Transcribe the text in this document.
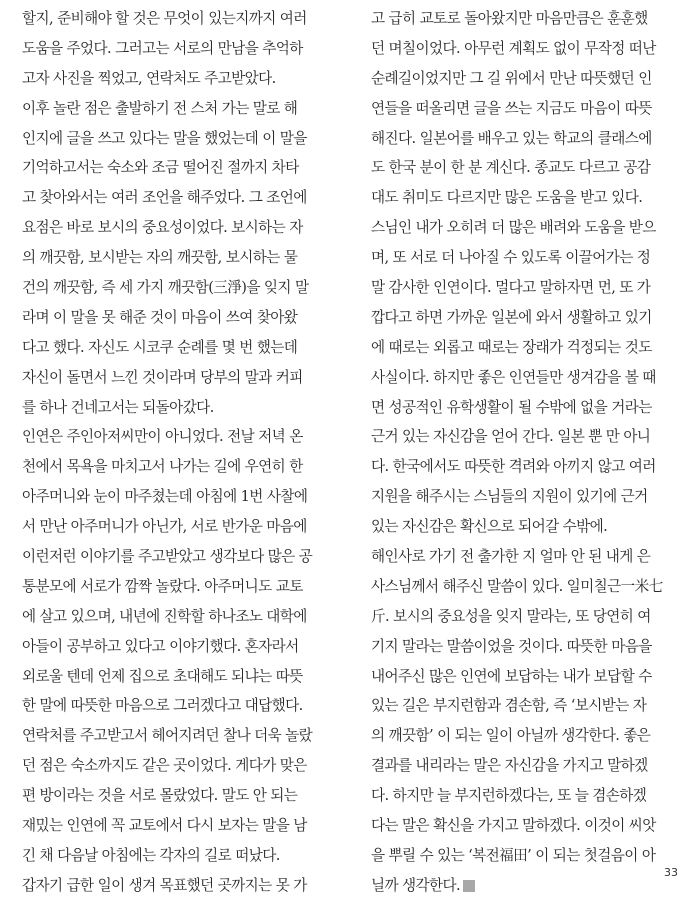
할지, 준비해야 할 것은 무엇이 있는지까지 여러
도움을 주었다. 그러고는 서로의 만남을 추억하
고자 사진을 찍었고, 연락처도 주고받았다.
이후 놀란 점은 출발하기 전 스처 가는 말로 해
인지에 글을 쓰고 있다는 말을 했었는데 이 말을
기억하고서는 숙소와 조금 떨어진 절까지 차타
고 찾아와서는 여러 조언을 해주었다. 그 조언에
요점은 바로 보시의 중요성이었다. 보시하는 자
의 깨끗함, 보시받는 자의 깨끗함, 보시하는 물
건의 깨끗함, 즉 세 가지 깨끗함(三淨)을 잊지 말
라며 이 말을 못 해준 것이 마음이 쓰여 찾아왔
다고 했다. 자신도 시코쿠 순례를 몇 번 했는데
자신이 돌면서 느낀 것이라며 당부의 말과 커피
를 하나 건네고서는 되돌아갔다.
인연은 주인아저씨만이 아니었다. 전날 저녁 온
천에서 목욕을 마치고서 나가는 길에 우연히 한
아주머니와 눈이 마주쳤는데 아침에 1번 사찰에
서 만난 아주머니가 아닌가, 서로 반가운 마음에
이런저런 이야기를 주고받았고 생각보다 많은 공
통분모에 서로가 깜짝 놀랐다. 아주머니도 교토
에 살고 있으며, 내년에 진학할 하나조노 대학에
아들이 공부하고 있다고 이야기했다. 혼자라서
외로울 텐데 언제 집으로 초대해도 되냐는 따뜻
한 말에 따뜻한 마음으로 그러겠다고 대답했다.
연락처를 주고받고서 헤어지려던 찰나 더욱 놀랐
던 점은 숙소까지도 같은 곳이었다. 게다가 맞은
편 방이라는 것을 서로 몰랐었다. 말도 안 되는
재밌는 인연에 꼭 교토에서 다시 보자는 말을 남
긴 채 다음날 아침에는 각자의 길로 떠났다.
갑자기 급한 일이 생겨 목표했던 곳까지는 못 가
고 급히 교토로 돌아왔지만 마음만큼은 훈훈했
던 며칠이었다. 아무런 계획도 없이 무작정 떠난
순례길이었지만 그 길 위에서 만난 따뜻했던 인
연들을 떠올리면 글을 쓰는 지금도 마음이 따뜻
해진다. 일본어를 배우고 있는 학교의 클래스에
도 한국 분이 한 분 계신다. 종교도 다르고 공감
대도 취미도 다르지만 많은 도움을 받고 있다.
스님인 내가 오히려 더 많은 배려와 도움을 받으
며, 또 서로 더 나아질 수 있도록 이끌어가는 정
말 감사한 인연이다. 멀다고 말하자면 먼, 또 가
깝다고 하면 가까운 일본에 와서 생활하고 있기
에 때로는 외롭고 때로는 장래가 걱정되는 것도
사실이다. 하지만 좋은 인연들만 생겨감을 볼 때
면 성공적인 유학생활이 될 수밖에 없을 거라는
근거 있는 자신감을 얻어 간다. 일본 뿐 만 아니
다. 한국에서도 따뜻한 격려와 아끼지 않고 여러
지원을 해주시는 스님들의 지원이 있기에 근거
있는 자신감은 확신으로 되어갈 수밖에.
해인사로 가기 전 출가한 지 얼마 안 된 내게 은
사스님께서 해주신 말씀이 있다. 일미칠근一米七
斤. 보시의 중요성을 잊지 말라는, 또 당연히 여
기지 말라는 말씀이었을 것이다. 따뜻한 마음을
내어주신 많은 인연에 보답하는 내가 보답할 수
있는 길은 부지런함과 겸손함, 즉 ‘보시받는 자
의 깨끗함’ 이 되는 일이 아닐까 생각한다. 좋은
결과를 내리라는 말은 자신감을 가지고 말하겠
다. 하지만 늘 부지런하겠다는, 또 늘 겸손하겠
다는 말은 확신을 가지고 말하겠다. 이것이 씨앗
을 뿌릴 수 있는 ‘복전福田’ 이 되는 첫걸음이 아
닐까 생각한다.
33
